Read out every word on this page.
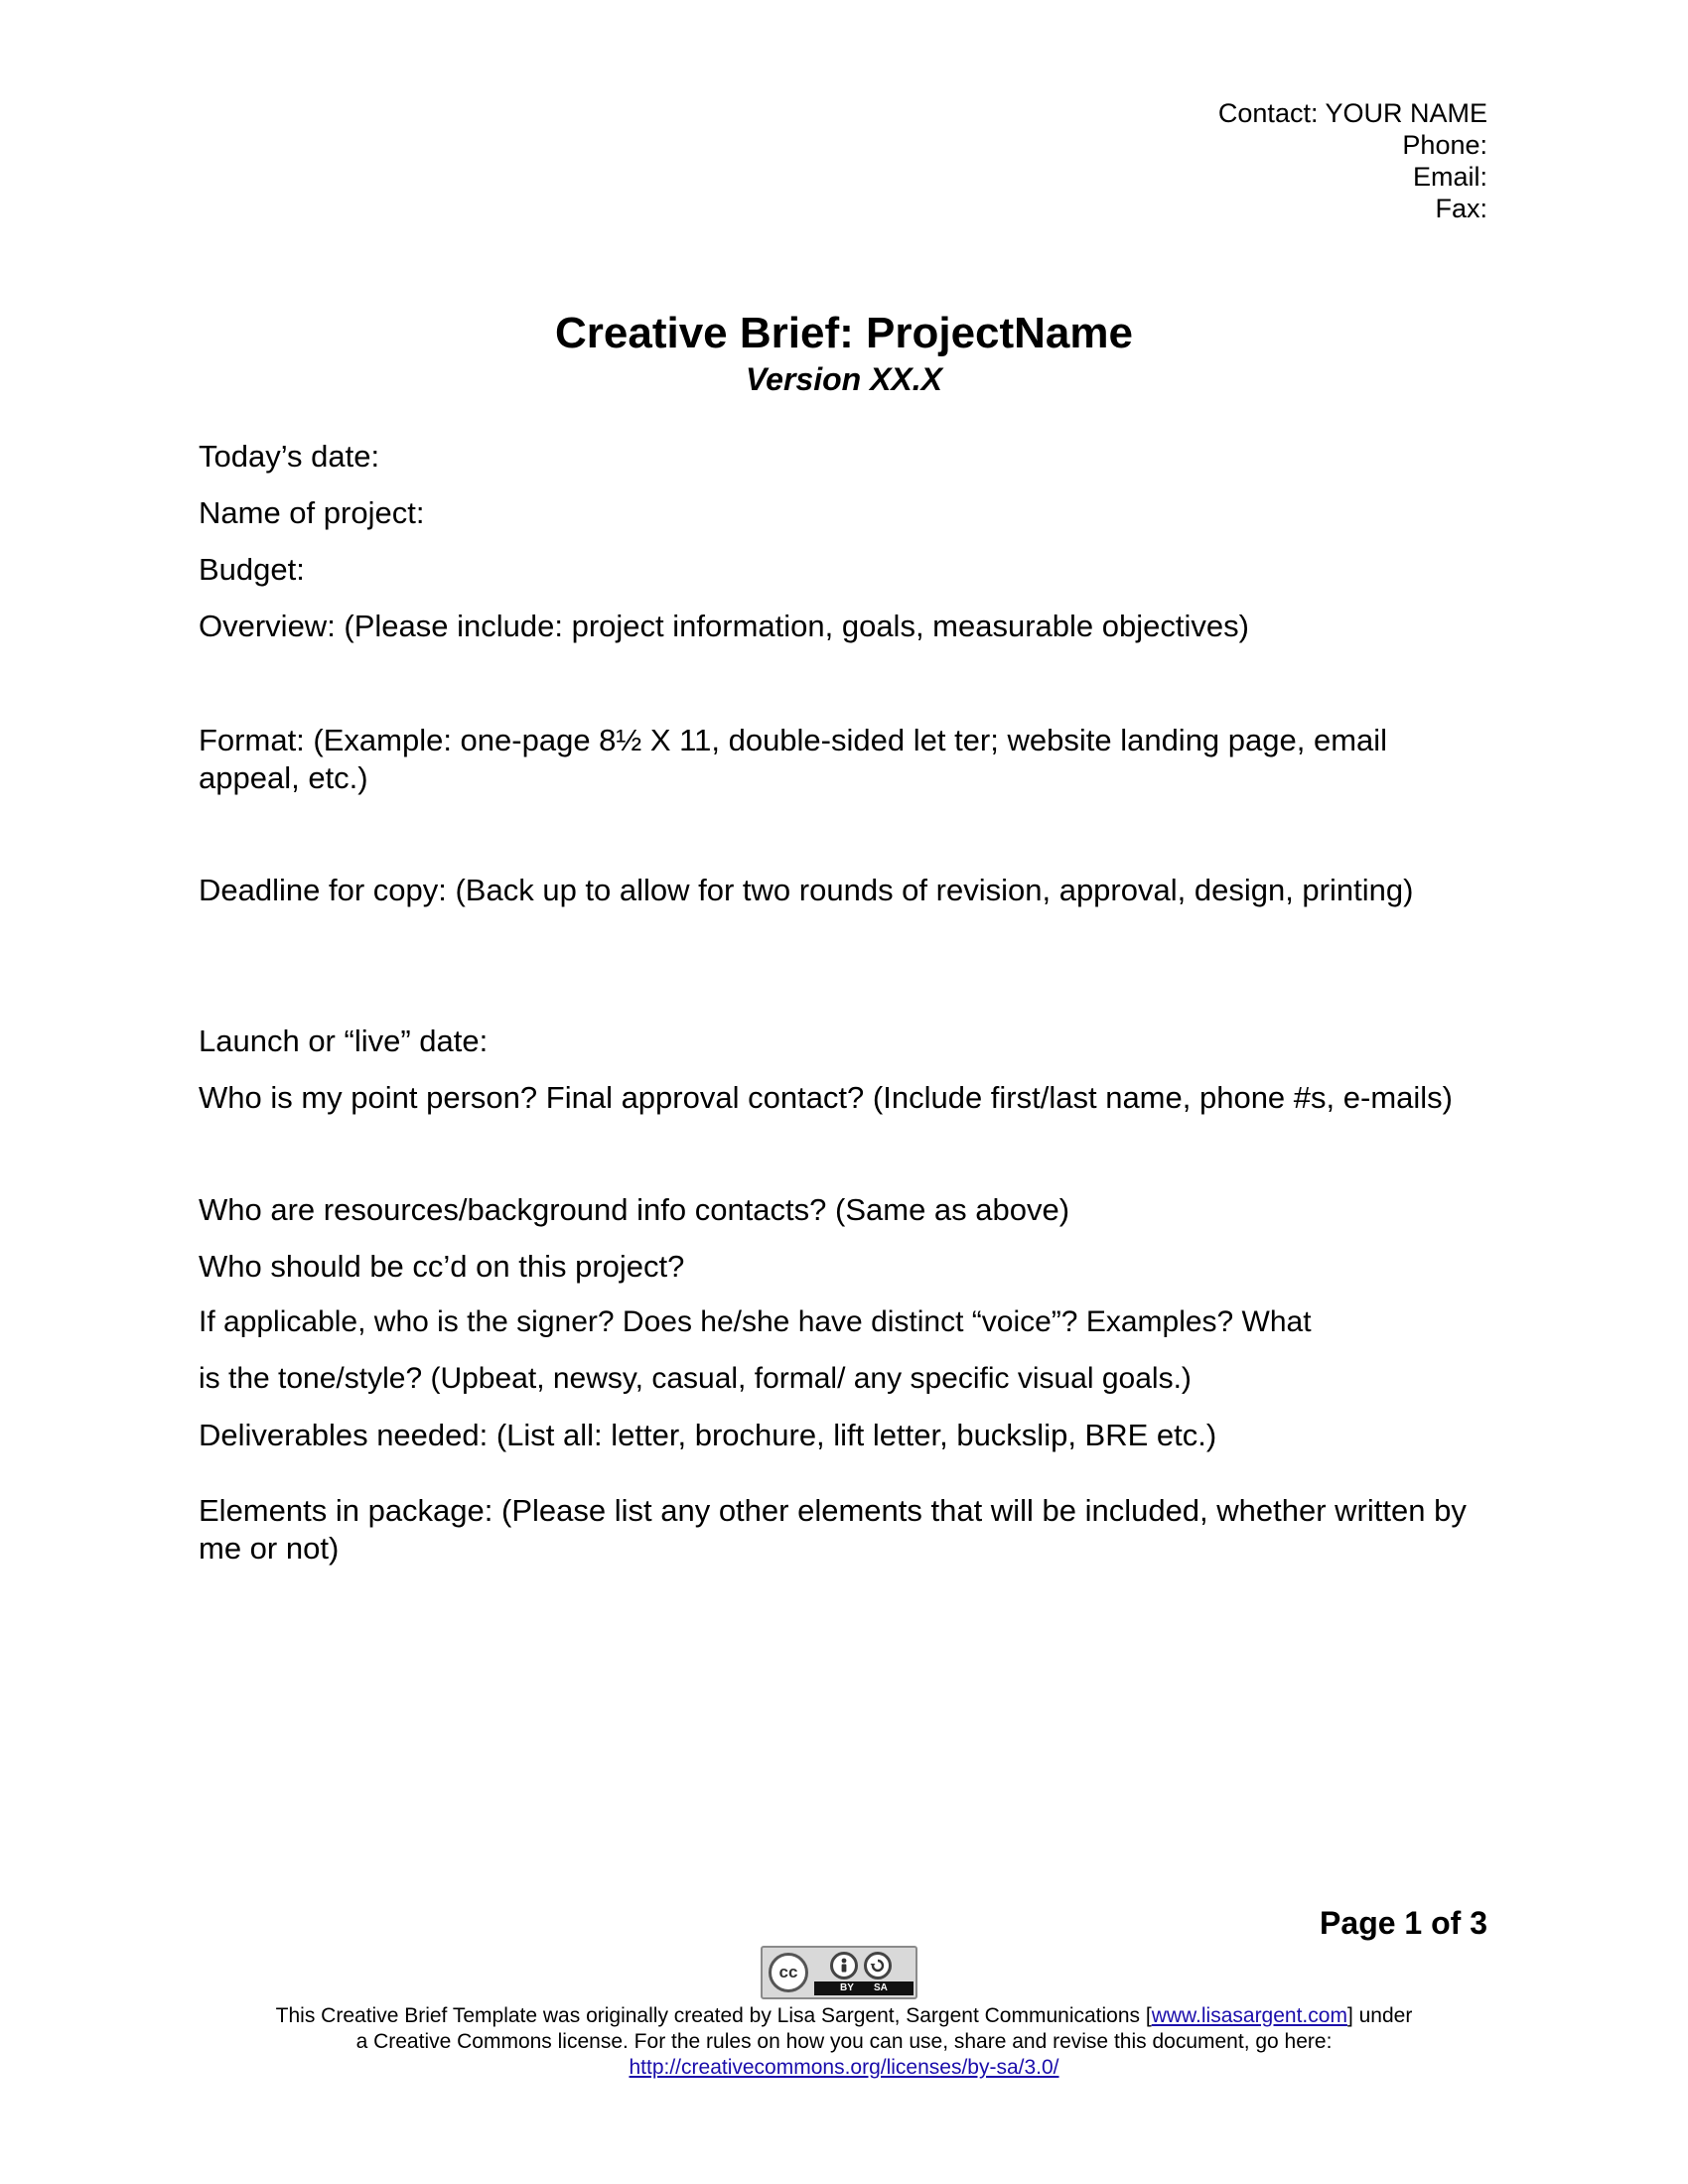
Contact: YOUR NAME
Phone:
Email:
Fax:
Creative Brief: ProjectName
Version XX.X
Today’s date:
Name of project:
Budget:
Overview: (Please include: project information, goals, measurable objectives)
Format: (Example: one-page 8½ X 11, double-sided let ter; website landing page, email appeal, etc.)
Deadline for copy: (Back up to allow for two rounds of revision, approval, design, printing)
Launch or “live” date:
Who is my point person? Final approval contact? (Include first/last name, phone #s, e-mails)
Who are resources/background info contacts? (Same as above)
Who should be cc’d on this project?
If applicable, who is the signer? Does he/she have distinct “voice”? Examples? What
is the tone/style? (Upbeat, newsy, casual, formal/ any specific visual goals.)
Deliverables needed: (List all: letter, brochure, lift letter, buckslip, BRE etc.)
Elements in package: (Please list any other elements that will be included, whether written by me or not)
Page 1 of 3
cc
BY SA
This Creative Brief Template was originally created by Lisa Sargent, Sargent Communications [www.lisasargent.com] under
a Creative Commons license. For the rules on how you can use, share and revise this document, go here:
http://creativecommons.org/licenses/by-sa/3.0/
